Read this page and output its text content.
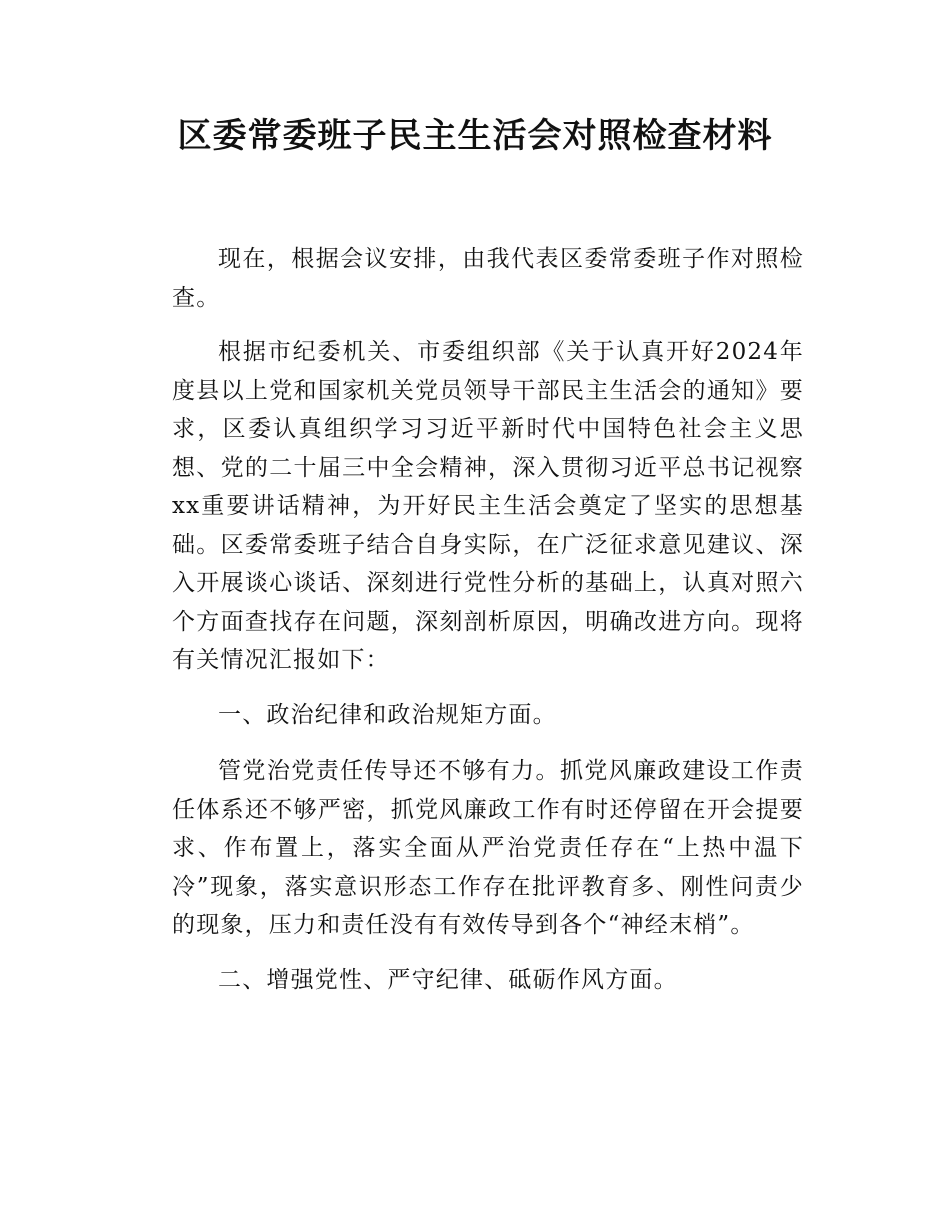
区委常委班子民主生活会对照检查材料

现在，根据会议安排，由我代表区委常委班子作对照检查。

根据市纪委机关、市委组织部《关于认真开好2024年度县以上党和国家机关党员领导干部民主生活会的通知》要求，区委认真组织学习习近平新时代中国特色社会主义思想、党的二十届三中全会精神，深入贯彻习近平总书记视察xx重要讲话精神，为开好民主生活会奠定了坚实的思想基础。区委常委班子结合自身实际，在广泛征求意见建议、深入开展谈心谈话、深刻进行党性分析的基础上，认真对照六个方面查找存在问题，深刻剖析原因，明确改进方向。现将有关情况汇报如下：

一、政治纪律和政治规矩方面。

管党治党责任传导还不够有力。抓党风廉政建设工作责任体系还不够严密，抓党风廉政工作有时还停留在开会提要求、作布置上，落实全面从严治党责任存在“上热中温下冷”现象，落实意识形态工作存在批评教育多、刚性问责少的现象，压力和责任没有有效传导到各个“神经末梢”。

二、增强党性、严守纪律、砥砺作风方面。
